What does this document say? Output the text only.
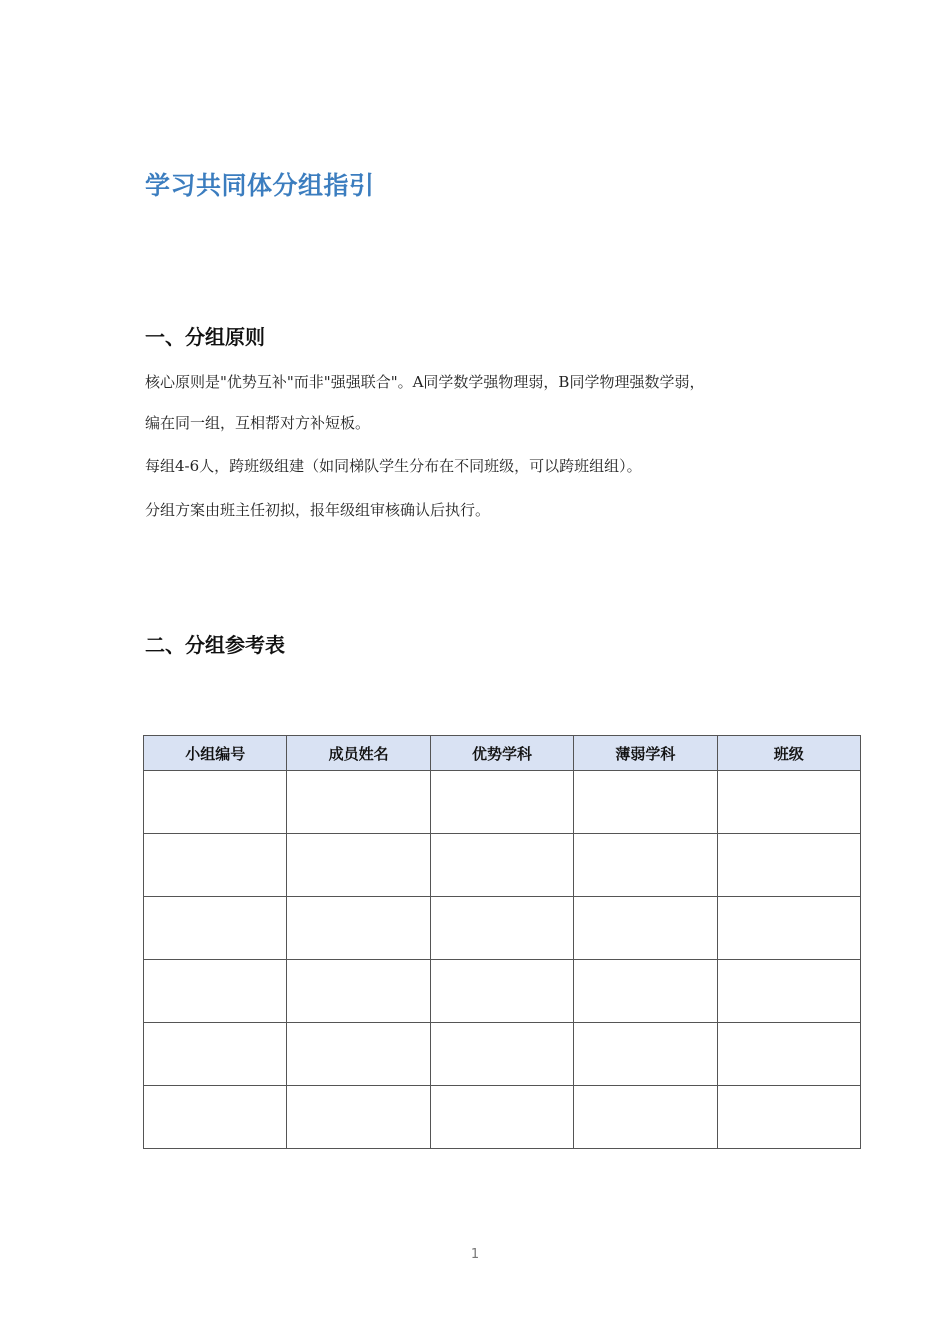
学习共同体分组指引
一、分组原则

核心原则是"优势互补"而非"强强联合"。A同学数学强物理弱，B同学物理强数学弱，

编在同一组，互相帮对方补短板。

每组4-6人，跨班级组建（如同梯队学生分布在不同班级，可以跨班组组）。

分组方案由班主任初拟，报年级组审核确认后执行。

二、分组参考表
小组编号	成员姓名	优势学科	薄弱学科	班级

1
